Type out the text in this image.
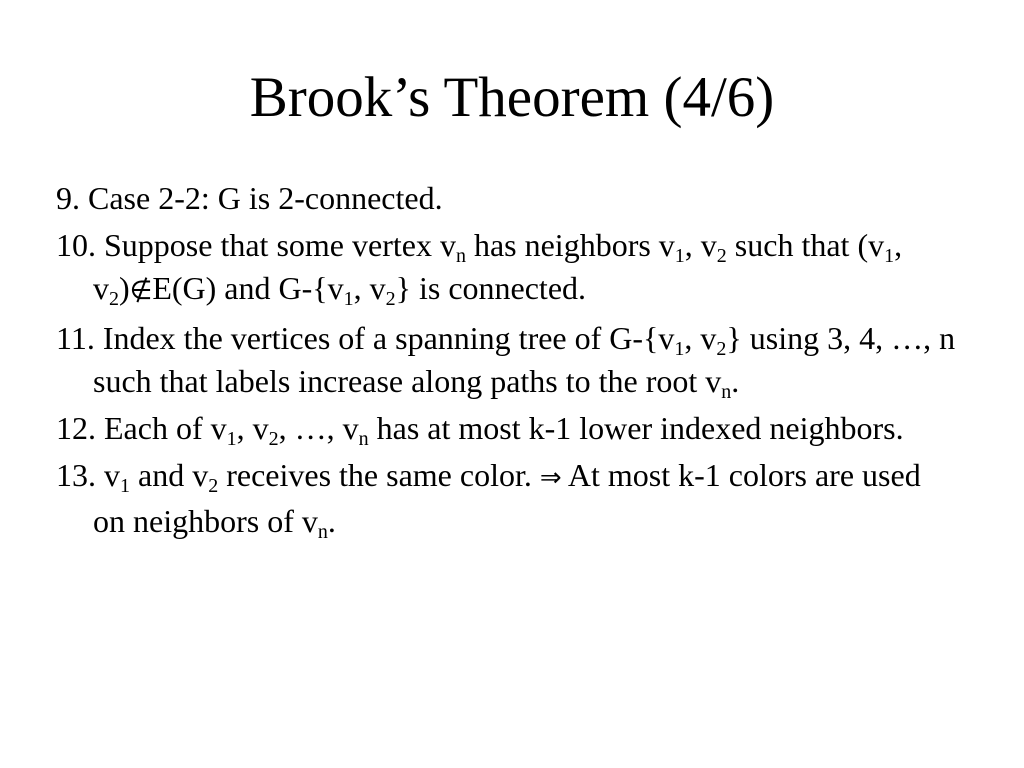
Brook’s Theorem (4/6)
9. Case 2-2: G is 2-connected.
10. Suppose that some vertex $v_n$ has neighbors $v_1$, $v_2$ such that ($v_1$, $v_2)\notin E(G)$ and $G-\{v_1$, $v_2$} is connected.
11. Index the vertices of a spanning tree of $G-\{v_1$, $v_2$} using 3, 4, …, n such that labels increase along paths to the root $v_n$.
12. Each of $v_1$, $v_2$, …, $v_n$ has at most k-1 lower indexed neighbors.
13. $v_1$ and $v_2$ receives the same color. ⇒ At most k-1 colors are used on neighbors of $v_n$.
